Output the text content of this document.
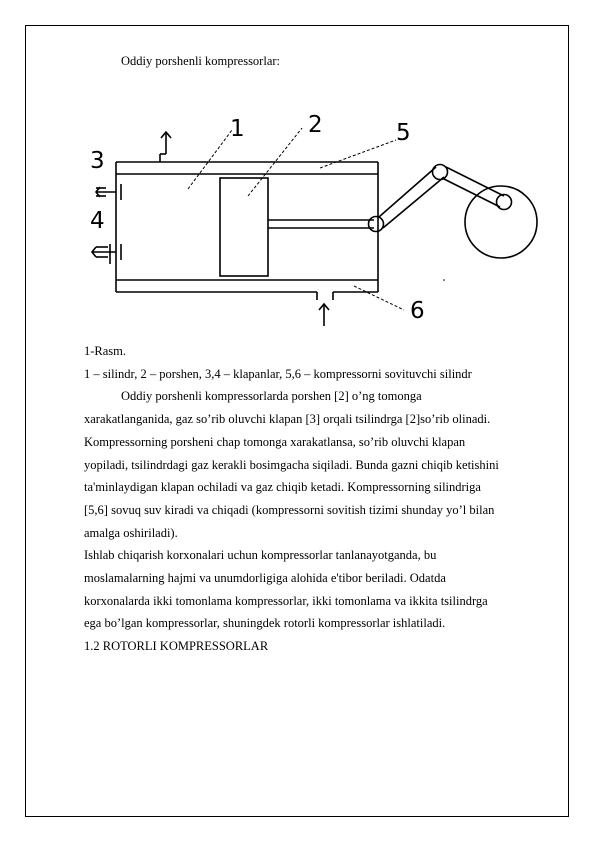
Oddiy porshenli kompressorlar:
1	2
3
4
5
6

1-Rasm.

1 – silindr, 2 – porshen, 3,4 – klapanlar, 5,6 – kompressorni sovituvchi silindr

Oddiy porshenli kompressorlarda porshen [2] o’ng tomonga

xarakatlanganida, gaz so’rib oluvchi klapan [3] orqali tsilindrga [2]so’rib olinadi.

Kompressorning porsheni chap tomonga xarakatlansa, so’rib oluvchi klapan

yopiladi, tsilindrdagi gaz kerakli bosimgacha siqiladi. Bunda gazni chiqib ketishini

ta'minlaydigan klapan ochiladi va gaz chiqib ketadi. Kompressorning silindriga

[5,6] sovuq suv kiradi va chiqadi (kompressorni sovitish tizimi shunday yo’l bilan

amalga oshiriladi).

Ishlab chiqarish korxonalari uchun kompressorlar tanlanayotganda, bu

moslamalarning hajmi va unumdorligiga alohida e'tibor beriladi. Odatda

korxonalarda ikki tomonlama kompressorlar, ikki tomonlama va ikkita tsilindrga

ega bo’lgan kompressorlar, shuningdek rotorli kompressorlar ishlatiladi.

1.2 ROTORLI KOMPRESSORLAR
